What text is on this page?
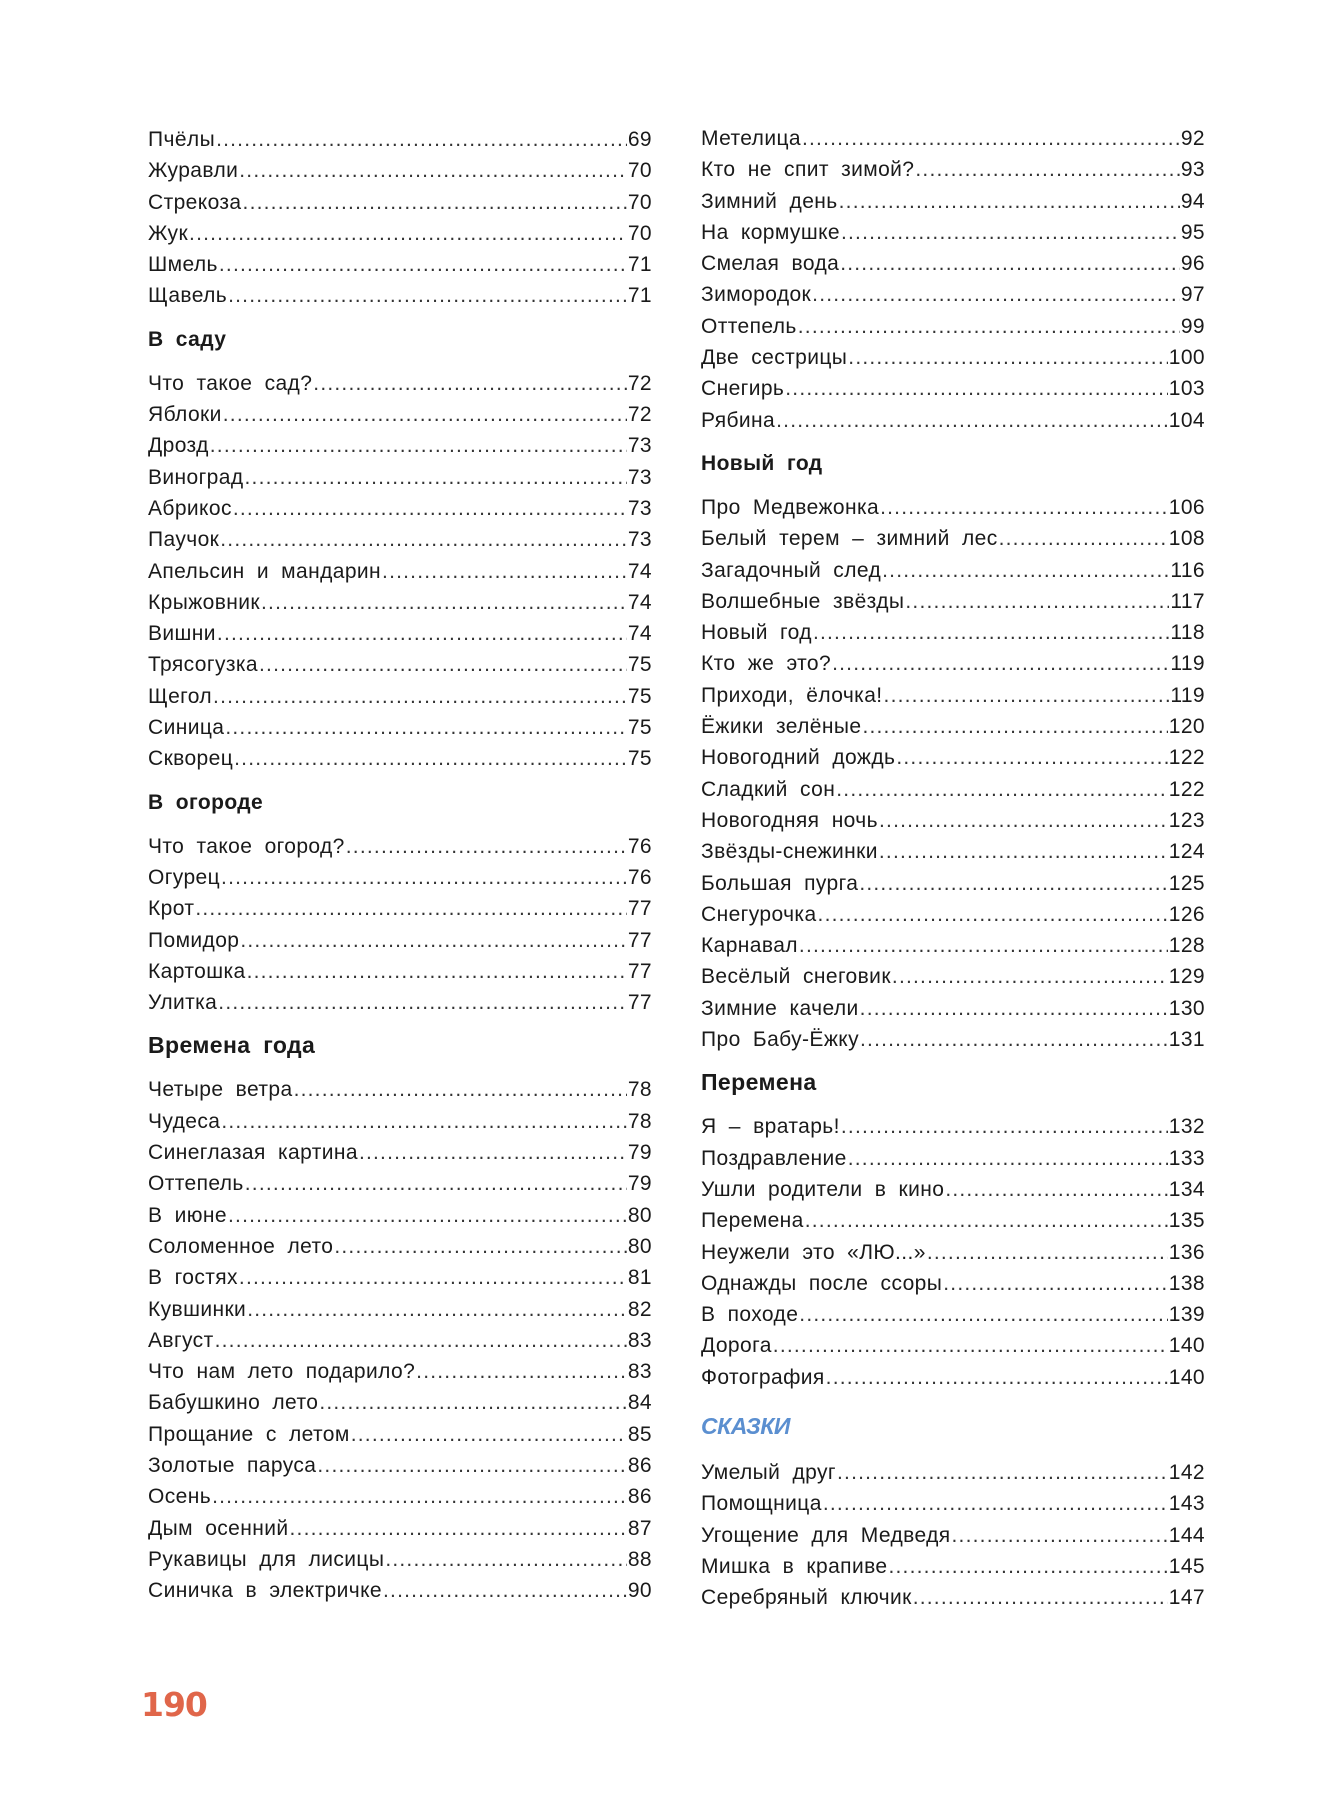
Пчёлы .....	69
Журавли .....	70
Стрекоза .....	70
Жук .....	70
Шмель .....	71
Щавель .....	71
В саду
Что такое сад? .....	72
Яблоки .....	72
Дрозд .....	73
Виноград .....	73
Абрикос .....	73
Паучок .....	73
Апельсин и мандарин .....	74
Крыжовник .....	74
Вишни .....	74
Трясогузка .....	75
Щегол .....	75
Синица .....	75
Скворец .....	75
В огороде
Что такое огород? .....	76
Огурец .....	76
Крот .....	77
Помидор .....	77
Картошка .....	77
Улитка .....	77
Времена года
Четыре ветра .....	78
Чудеса .....	78
Синеглазая картина .....	79
Оттепель .....	79
В июне .....	80
Соломенное лето .....	80
В гостях .....	81
Кувшинки .....	82
Август .....	83
Что нам лето подарило? .....	83
Бабушкино лето .....	84
Прощание с летом .....	85
Золотые паруса .....	86
Осень .....	86
Дым осенний .....	87
Рукавицы для лисицы .....	88
Синичка в электричке .....	90
Метелица .....	92
Кто не спит зимой? .....	93
Зимний день .....	94
На кормушке .....	95
Смелая вода .....	96
Зимородок .....	97
Оттепель .....	99
Две сестрицы .....	100
Снегирь .....	103
Рябина .....	104
Новый год
Про Медвежонка .....	106
Белый терем – зимний лес .....	108
Загадочный след .....	116
Волшебные звёзды .....	117
Новый год .....	118
Кто же это? .....	119
Приходи, ёлочка! .....	119
Ёжики зелёные .....	120
Новогодний дождь .....	122
Сладкий сон .....	122
Новогодняя ночь .....	123
Звёзды-снежинки .....	124
Большая пурга .....	125
Снегурочка .....	126
Карнавал .....	128
Весёлый снеговик .....	129
Зимние качели .....	130
Про Бабу-Ёжку .....	131
Перемена
Я – вратарь! .....	132
Поздравление .....	133
Ушли родители в кино .....	134
Перемена .....	135
Неужели это «ЛЮ...» .....	136
Однажды после ссоры .....	138
В походе .....	139
Дорога .....	140
Фотография .....	140
СКАЗКИ
Умелый друг .....	142
Помощница .....	143
Угощение для Медведя .....	144
Мишка в крапиве .....	145
Серебряный ключик .....	147
190
